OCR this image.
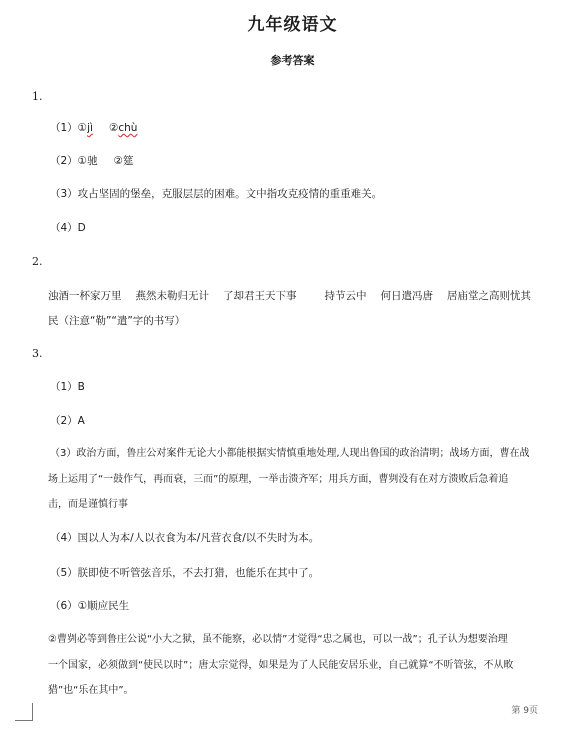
九年级语文
参考答案
1.
（1）①jì ②chù
（2）①驰 ②筵
（3）攻占坚固的堡垒，克服层层的困难。文中指攻克疫情的重重难关。
（4）D
2.
浊酒一杯家万里 燕然未勒归无计 了却君王天下事	持节云中 何日遣冯唐 居庙堂之高则忧其
民（注意“勒”“遣”字的书写）
3.
（1）B
（2）A
（3）政治方面，鲁庄公对案件无论大小都能根据实情慎重地处理,人现出鲁国的政治清明；战场方面，曹在战
场上运用了“一鼓作气，再而衰，三而”的原理，一举击溃齐军；用兵方面，曹刿没有在对方溃败后急着追
击，而是谨慎行事
（4）国以人为本/人以衣食为本/凡营衣食/以不失时为本。
（5）朕即使不听管弦音乐，不去打猎，也能乐在其中了。
（6）①顺应民生
②曹刿必等到鲁庄公说“小大之狱，虽不能察，必以情”才觉得“忠之属也，可以一战”；孔子认为想要治理
一个国家，必须做到“使民以时”；唐太宗觉得，如果是为了人民能安居乐业，自己就算“不听管弦，不从畋
猎”也“乐在其中”。
第 9页
